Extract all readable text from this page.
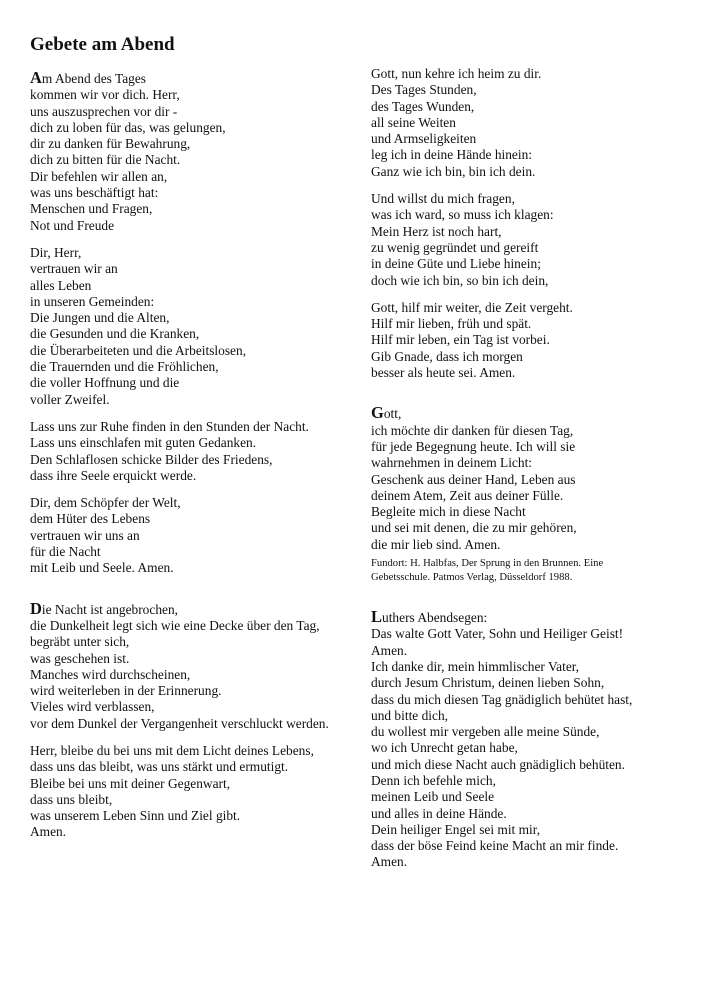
Gebete am Abend
Am Abend des Tages
kommen wir vor dich. Herr,
uns auszusprechen vor dir -
dich zu loben für das, was gelungen,
dir zu danken für Bewahrung,
dich zu bitten für die Nacht.
Dir befehlen wir allen an,
was uns beschäftigt hat:
Menschen und Fragen,
Not und Freude
Dir, Herr,
vertrauen wir an
alles Leben
in unseren Gemeinden:
Die Jungen und die Alten,
die Gesunden und die Kranken,
die Überarbeiteten und die Arbeitslosen,
die Trauernden und die Fröhlichen,
die voller Hoffnung und die
voller Zweifel.
Lass uns zur Ruhe finden in den Stunden der Nacht.
Lass uns einschlafen mit guten Gedanken.
Den Schlaflosen schicke Bilder des Friedens,
dass ihre Seele erquickt werde.
Dir, dem Schöpfer der Welt,
dem Hüter des Lebens
vertrauen wir uns an
für die Nacht
mit Leib und Seele. Amen.
Die Nacht ist angebrochen,
die Dunkelheit legt sich wie eine Decke über den Tag,
begräbt unter sich,
was geschehen ist.
Manches wird durchscheinen,
wird weiterleben in der Erinnerung.
Vieles wird verblassen,
vor dem Dunkel der Vergangenheit verschluckt werden.
Herr, bleibe du bei uns mit dem Licht deines Lebens,
dass uns das bleibt, was uns stärkt und ermutigt.
Bleibe bei uns mit deiner Gegenwart,
dass uns bleibt,
was unserem Leben Sinn und Ziel gibt.
Amen.
Gott, nun kehre ich heim zu dir.
Des Tages Stunden,
des Tages Wunden,
all seine Weiten
und Armseligkeiten
leg ich in deine Hände hinein:
Ganz wie ich bin, bin ich dein.
Und willst du mich fragen,
was ich ward, so muss ich klagen:
Mein Herz ist noch hart,
zu wenig gegründet und gereift
in deine Güte und Liebe hinein;
doch wie ich bin, so bin ich dein,
Gott, hilf mir weiter, die Zeit vergeht.
Hilf mir lieben, früh und spät.
Hilf mir leben, ein Tag ist vorbei.
Gib Gnade, dass ich morgen
besser als heute sei. Amen.
Gott,
ich möchte dir danken für diesen Tag,
für jede Begegnung heute. Ich will sie
wahrnehmen in deinem Licht:
Geschenk aus deiner Hand, Leben aus
deinem Atem, Zeit aus deiner Fülle.
Begleite mich in diese Nacht
und sei mit denen, die zu mir gehören,
die mir lieb sind. Amen.
Fundort: H. Halbfas, Der Sprung in den Brunnen. Eine
Gebetsschule. Patmos Verlag, Düsseldorf 1988.
Luthers Abendsegen:
Das walte Gott Vater, Sohn und Heiliger Geist!
Amen.
Ich danke dir, mein himmlischer Vater,
durch Jesum Christum, deinen lieben Sohn,
dass du mich diesen Tag gnädiglich behütet hast,
und bitte dich,
du wollest mir vergeben alle meine Sünde,
wo ich Unrecht getan habe,
und mich diese Nacht auch gnädiglich behüten.
Denn ich befehle mich,
meinen Leib und Seele
und alles in deine Hände.
Dein heiliger Engel sei mit mir,
dass der böse Feind keine Macht an mir finde.
Amen.
